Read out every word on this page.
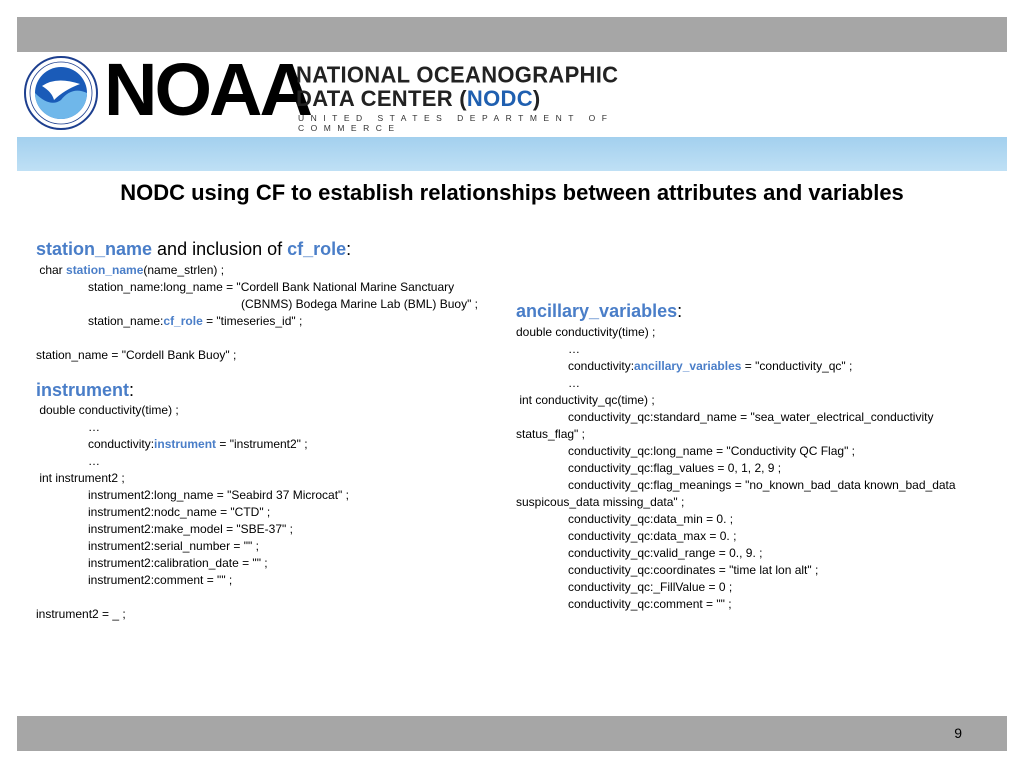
NOAA
NATIONAL OCEANOGRAPHIC
DATA CENTER (NODC)
UNITED STATES DEPARTMENT OF COMMERCE
NODC using CF to establish relationships between attributes and variables
station_name and inclusion of cf_role:
char station_name(name_strlen) ;
station_name:long_name = "Cordell Bank National Marine Sanctuary
(CBNMS) Bodega Marine Lab (BML) Buoy" ;
station_name:cf_role = "timeseries_id" ;
station_name = "Cordell Bank Buoy" ;
instrument:
double conductivity(time) ;
…
conductivity:instrument = "instrument2" ;
…
int instrument2 ;
instrument2:long_name = "Seabird 37 Microcat" ;
instrument2:nodc_name = "CTD" ;
instrument2:make_model = "SBE-37" ;
instrument2:serial_number = "" ;
instrument2:calibration_date = "" ;
instrument2:comment = "" ;
instrument2 = _ ;
ancillary_variables:
double conductivity(time) ;
…
conductivity:ancillary_variables = "conductivity_qc" ;
…
int conductivity_qc(time) ;
conductivity_qc:standard_name = "sea_water_electrical_conductivity
status_flag" ;
conductivity_qc:long_name = "Conductivity QC Flag" ;
conductivity_qc:flag_values = 0, 1, 2, 9 ;
conductivity_qc:flag_meanings = "no_known_bad_data known_bad_data
suspicous_data missing_data" ;
conductivity_qc:data_min = 0. ;
conductivity_qc:data_max = 0. ;
conductivity_qc:valid_range = 0., 9. ;
conductivity_qc:coordinates = "time lat lon alt" ;
conductivity_qc:_FillValue = 0 ;
conductivity_qc:comment = "" ;
9
